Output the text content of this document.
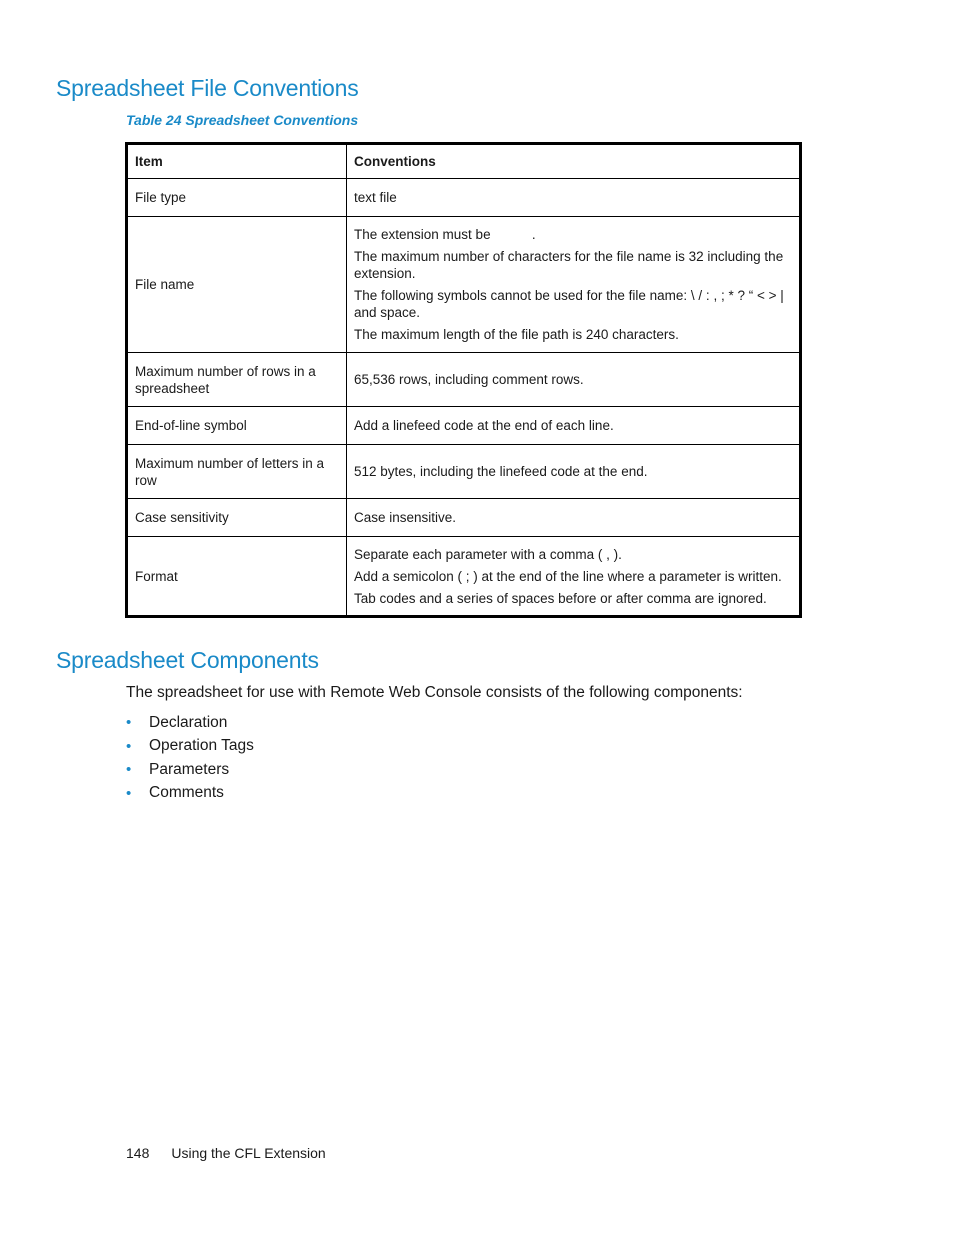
Spreadsheet File Conventions
Table 24 Spreadsheet Conventions
Item	Conventions
File type	text file

File name	The extension must be           .

The maximum number of characters for the file name is 32 including the extension.

The following symbols cannot be used for the file name: \ / : , ; * ? “ < > | and space.

The maximum length of the file path is 240 characters.

Maximum number of rows in a spreadsheet	65,536 rows, including comment rows.

End-of-line symbol	Add a linefeed code at the end of each line.

Maximum number of letters in a row	512 bytes, including the linefeed code at the end.

Case sensitivity	Case insensitive.

Format	Separate each parameter with a comma ( , ).

Add a semicolon ( ; ) at the end of the line where a parameter is written.

Tab codes and a series of spaces before or after comma are ignored.

Spreadsheet Components

The spreadsheet for use with Remote Web Console consists of the following components:

•	Declaration
•	Operation Tags
•	Parameters
•	Comments
148 Using the CFL Extension
